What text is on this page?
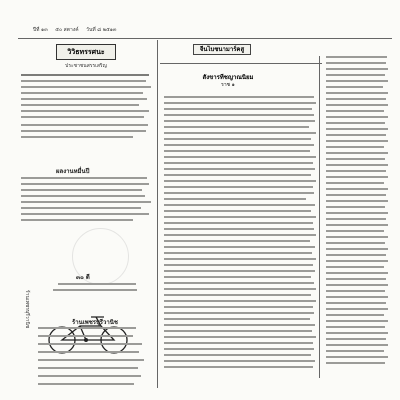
ปีที่ ๑๓ ๕๐ สตางค์ วันที่ ๘ ๒๕๑๓
วิวิธทรรศนะ
ประชาชนสรรเสริญ
ผลงานหมื่นปี
๓๐ ดี
ร้านเพชรบุรีวานิช	ร้านเพชรบุรีวานิช
จีนไบซนามาร์คสู
สังขารทีชญาณนิยม
ราช ๑
